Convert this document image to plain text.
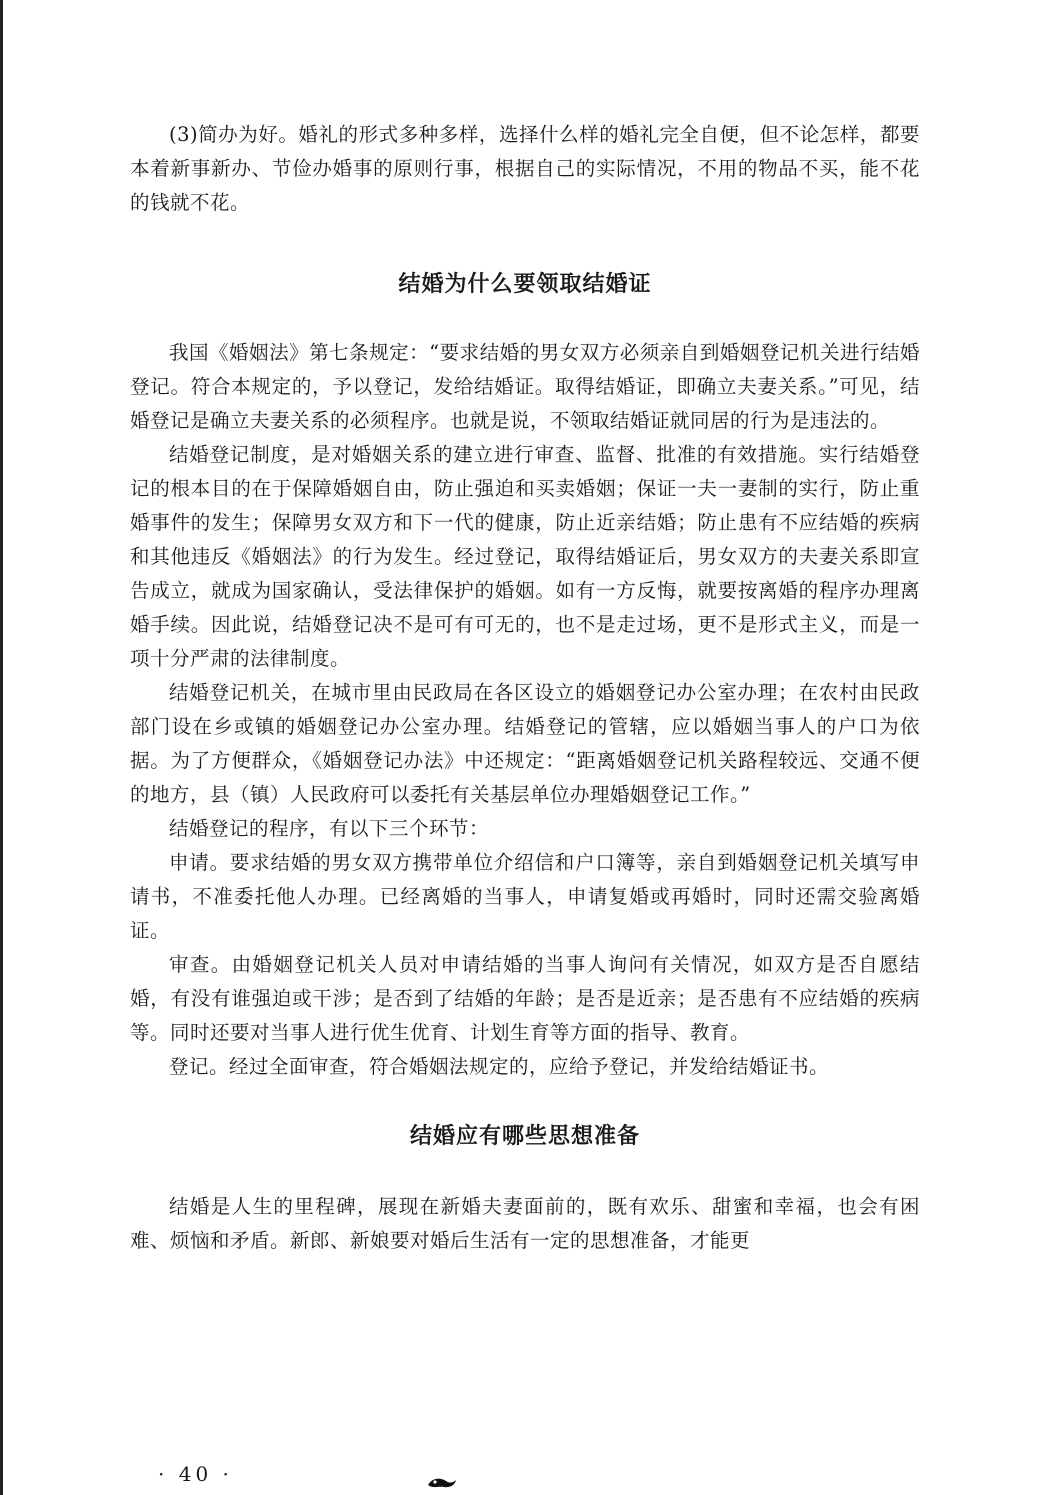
(3)简办为好。婚礼的形式多种多样，选择什么样的婚礼完全自便，但不论怎样，都要本着新事新办、节俭办婚事的原则行事，根据自己的实际情况，不用的物品不买，能不花的钱就不花。

结婚为什么要领取结婚证

我国《婚姻法》第七条规定：“要求结婚的男女双方必须亲自到婚姻登记机关进行结婚登记。符合本规定的，予以登记，发给结婚证。取得结婚证，即确立夫妻关系。”可见，结婚登记是确立夫妻关系的必须程序。也就是说，不领取结婚证就同居的行为是违法的。

结婚登记制度，是对婚姻关系的建立进行审查、监督、批准的有效措施。实行结婚登记的根本目的在于保障婚姻自由，防止强迫和买卖婚姻；保证一夫一妻制的实行，防止重婚事件的发生；保障男女双方和下一代的健康，防止近亲结婚；防止患有不应结婚的疾病和其他违反《婚姻法》的行为发生。经过登记，取得结婚证后，男女双方的夫妻关系即宣告成立，就成为国家确认，受法律保护的婚姻。如有一方反悔，就要按离婚的程序办理离婚手续。因此说，结婚登记决不是可有可无的，也不是走过场，更不是形式主义，而是一项十分严肃的法律制度。

结婚登记机关，在城市里由民政局在各区设立的婚姻登记办公室办理；在农村由民政部门设在乡或镇的婚姻登记办公室办理。结婚登记的管辖，应以婚姻当事人的户口为依据。为了方便群众，《婚姻登记办法》中还规定：“距离婚姻登记机关路程较远、交通不便的地方，县（镇）人民政府可以委托有关基层单位办理婚姻登记工作。”

结婚登记的程序，有以下三个环节：

申请。要求结婚的男女双方携带单位介绍信和户口簿等，亲自到婚姻登记机关填写申请书，不准委托他人办理。已经离婚的当事人，申请复婚或再婚时，同时还需交验离婚证。

审查。由婚姻登记机关人员对申请结婚的当事人询问有关情况，如双方是否自愿结婚，有没有谁强迫或干涉；是否到了结婚的年龄；是否是近亲；是否患有不应结婚的疾病等。同时还要对当事人进行优生优育、计划生育等方面的指导、教育。

登记。经过全面审查，符合婚姻法规定的，应给予登记，并发给结婚证书。

结婚应有哪些思想准备

结婚是人生的里程碑，展现在新婚夫妻面前的，既有欢乐、甜蜜和幸福，也会有困难、烦恼和矛盾。新郎、新娘要对婚后生活有一定的思想准备，才能更

· 40 ·
